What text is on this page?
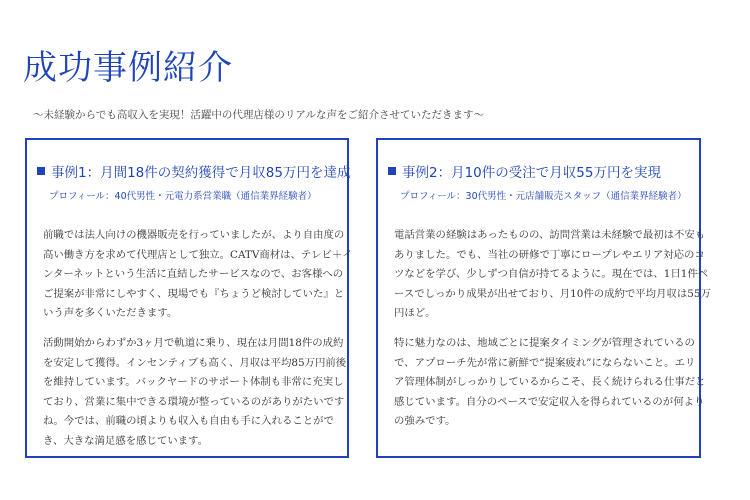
成功事例紹介
〜未経験からでも高収入を実現！活躍中の代理店様のリアルな声をご紹介させていただきます〜
事例1：月間18件の契約獲得で月収85万円を達成
プロフィール：40代男性・元電力系営業職（通信業界経験者）
前職では法人向けの機器販売を行っていましたが、より自由度の
高い働き方を求めて代理店として独立。CATV商材は、テレビ＋イ
ンターネットという生活に直結したサービスなので、お客様への
ご提案が非常にしやすく、現場でも『ちょうど検討していた』と
いう声を多くいただきます。
活動開始からわずか3ヶ月で軌道に乗り、現在は月間18件の成約
を安定して獲得。インセンティブも高く、月収は平均85万円前後
を維持しています。バックヤードのサポート体制も非常に充実し
ており、営業に集中できる環境が整っているのがありがたいです
ね。今では、前職の頃よりも収入も自由も手に入れることがで
き、大きな満足感を感じています。
事例2：月10件の受注で月収55万円を実現
プロフィール：30代男性・元店舗販売スタッフ（通信業界経験者）
電話営業の経験はあったものの、訪問営業は未経験で最初は不安も
ありました。でも、当社の研修で丁寧にロープレやエリア対応のコ
ツなどを学び、少しずつ自信が持てるように。現在では、1日1件ペ
ースでしっかり成果が出せており、月10件の成約で平均月収は55万
円ほど。
特に魅力なのは、地域ごとに提案タイミングが管理されているの
で、アプローチ先が常に新鮮で“提案疲れ”にならないこと。エリ
ア管理体制がしっかりしているからこそ、長く続けられる仕事だと
感じています。自分のペースで安定収入を得られているのが何より
の強みです。
